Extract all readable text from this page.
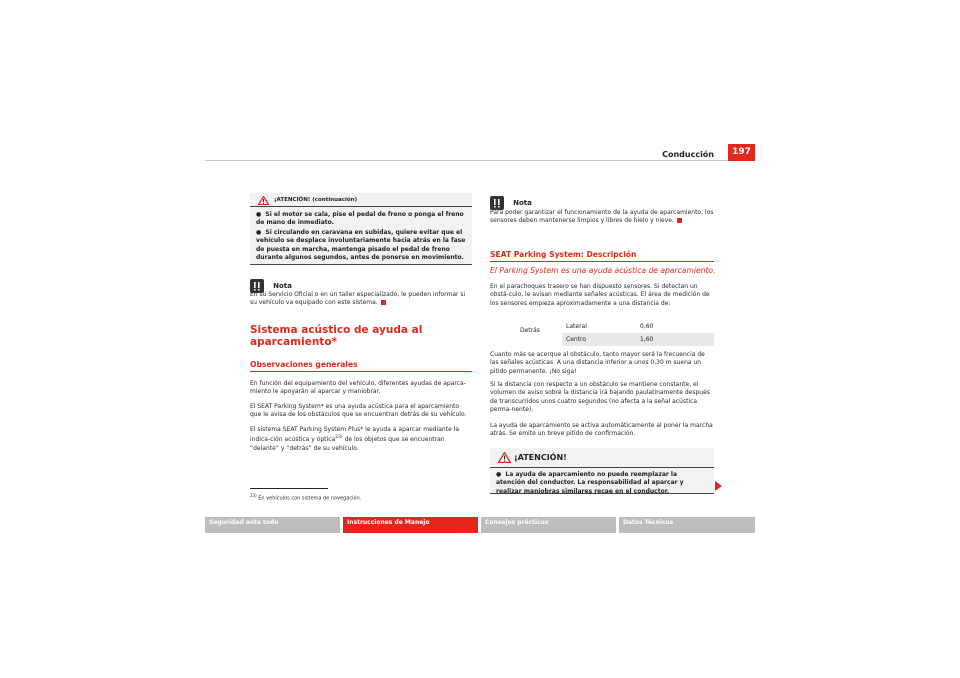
Conducción	197
¡ATENCIÓN! (continuación)
●  Si el motor se cala, pise el pedal de freno o ponga el freno de mano de inmediato.
●  Si circulando en caravana en subidas, quiere evitar que el vehículo se desplace involuntariamente hacia atrás en la fase de puesta en marcha, mantenga pisado el pedal de freno durante algunos segundos, antes de ponerse en movimiento.
Nota
En su Servicio Oficial o en un taller especializado, le pueden informar si su vehículo va equipado con este sistema.
Sistema acústico de ayuda al aparcamiento*
Observaciones generales
En función del equipamiento del vehículo, diferentes ayudas de aparca-miento le apoyarán al aparcar y maniobrar.
El SEAT Parking System* es una ayuda acústica para el aparcamiento que le avisa de los obstáculos que se encuentran detrás de su vehículo.
El sistema SEAT Parking System Plus* le ayuda a aparcar mediante la indica-ción acústica y óptica$^{23)}$ de los objetos que se encuentran “delante” y “detrás” de su vehículo.
$^{23)}$ En vehículos con sistema de navegación.
Nota
Para poder garantizar el funcionamiento de la ayuda de aparcamiento, los sensores deben mantenerse limpios y libres de hielo y nieve.
SEAT Parking System: Descripción
El Parking System es una ayuda acústica de aparcamiento.
En el parachoques trasero se han dispuesto sensores. Si detectan un obstá-culo, le avisan mediante señales acústicas. El área de medición de los sensores empieza aproximadamente a una distancia de:
Detrás
Lateral	0,60
Centro	1,60
Cuanto más se acerque al obstáculo, tanto mayor será la frecuencia de las señales acústicas. A una distancia inferior a unos 0,30 m suena un pitido permanente. ¡No siga!
Si la distancia con respecto a un obstáculo se mantiene constante, el volumen de aviso sobre la distancia irá bajando paulatinamente después de transcurridos unos cuatro segundos (no afecta a la señal acústica perma-nente).
La ayuda de aparcamiento se activa automáticamente al poner la marcha atrás. Se emite un breve pitido de confirmación.
¡ATENCIÓN!
●  La ayuda de aparcamiento no puede reemplazar la atención del conductor. La responsabilidad al aparcar y realizar maniobras similares recae en el conductor.
Seguridad ante todo	Instrucciones de Manejo	Consejos prácticos	Datos Técnicos
